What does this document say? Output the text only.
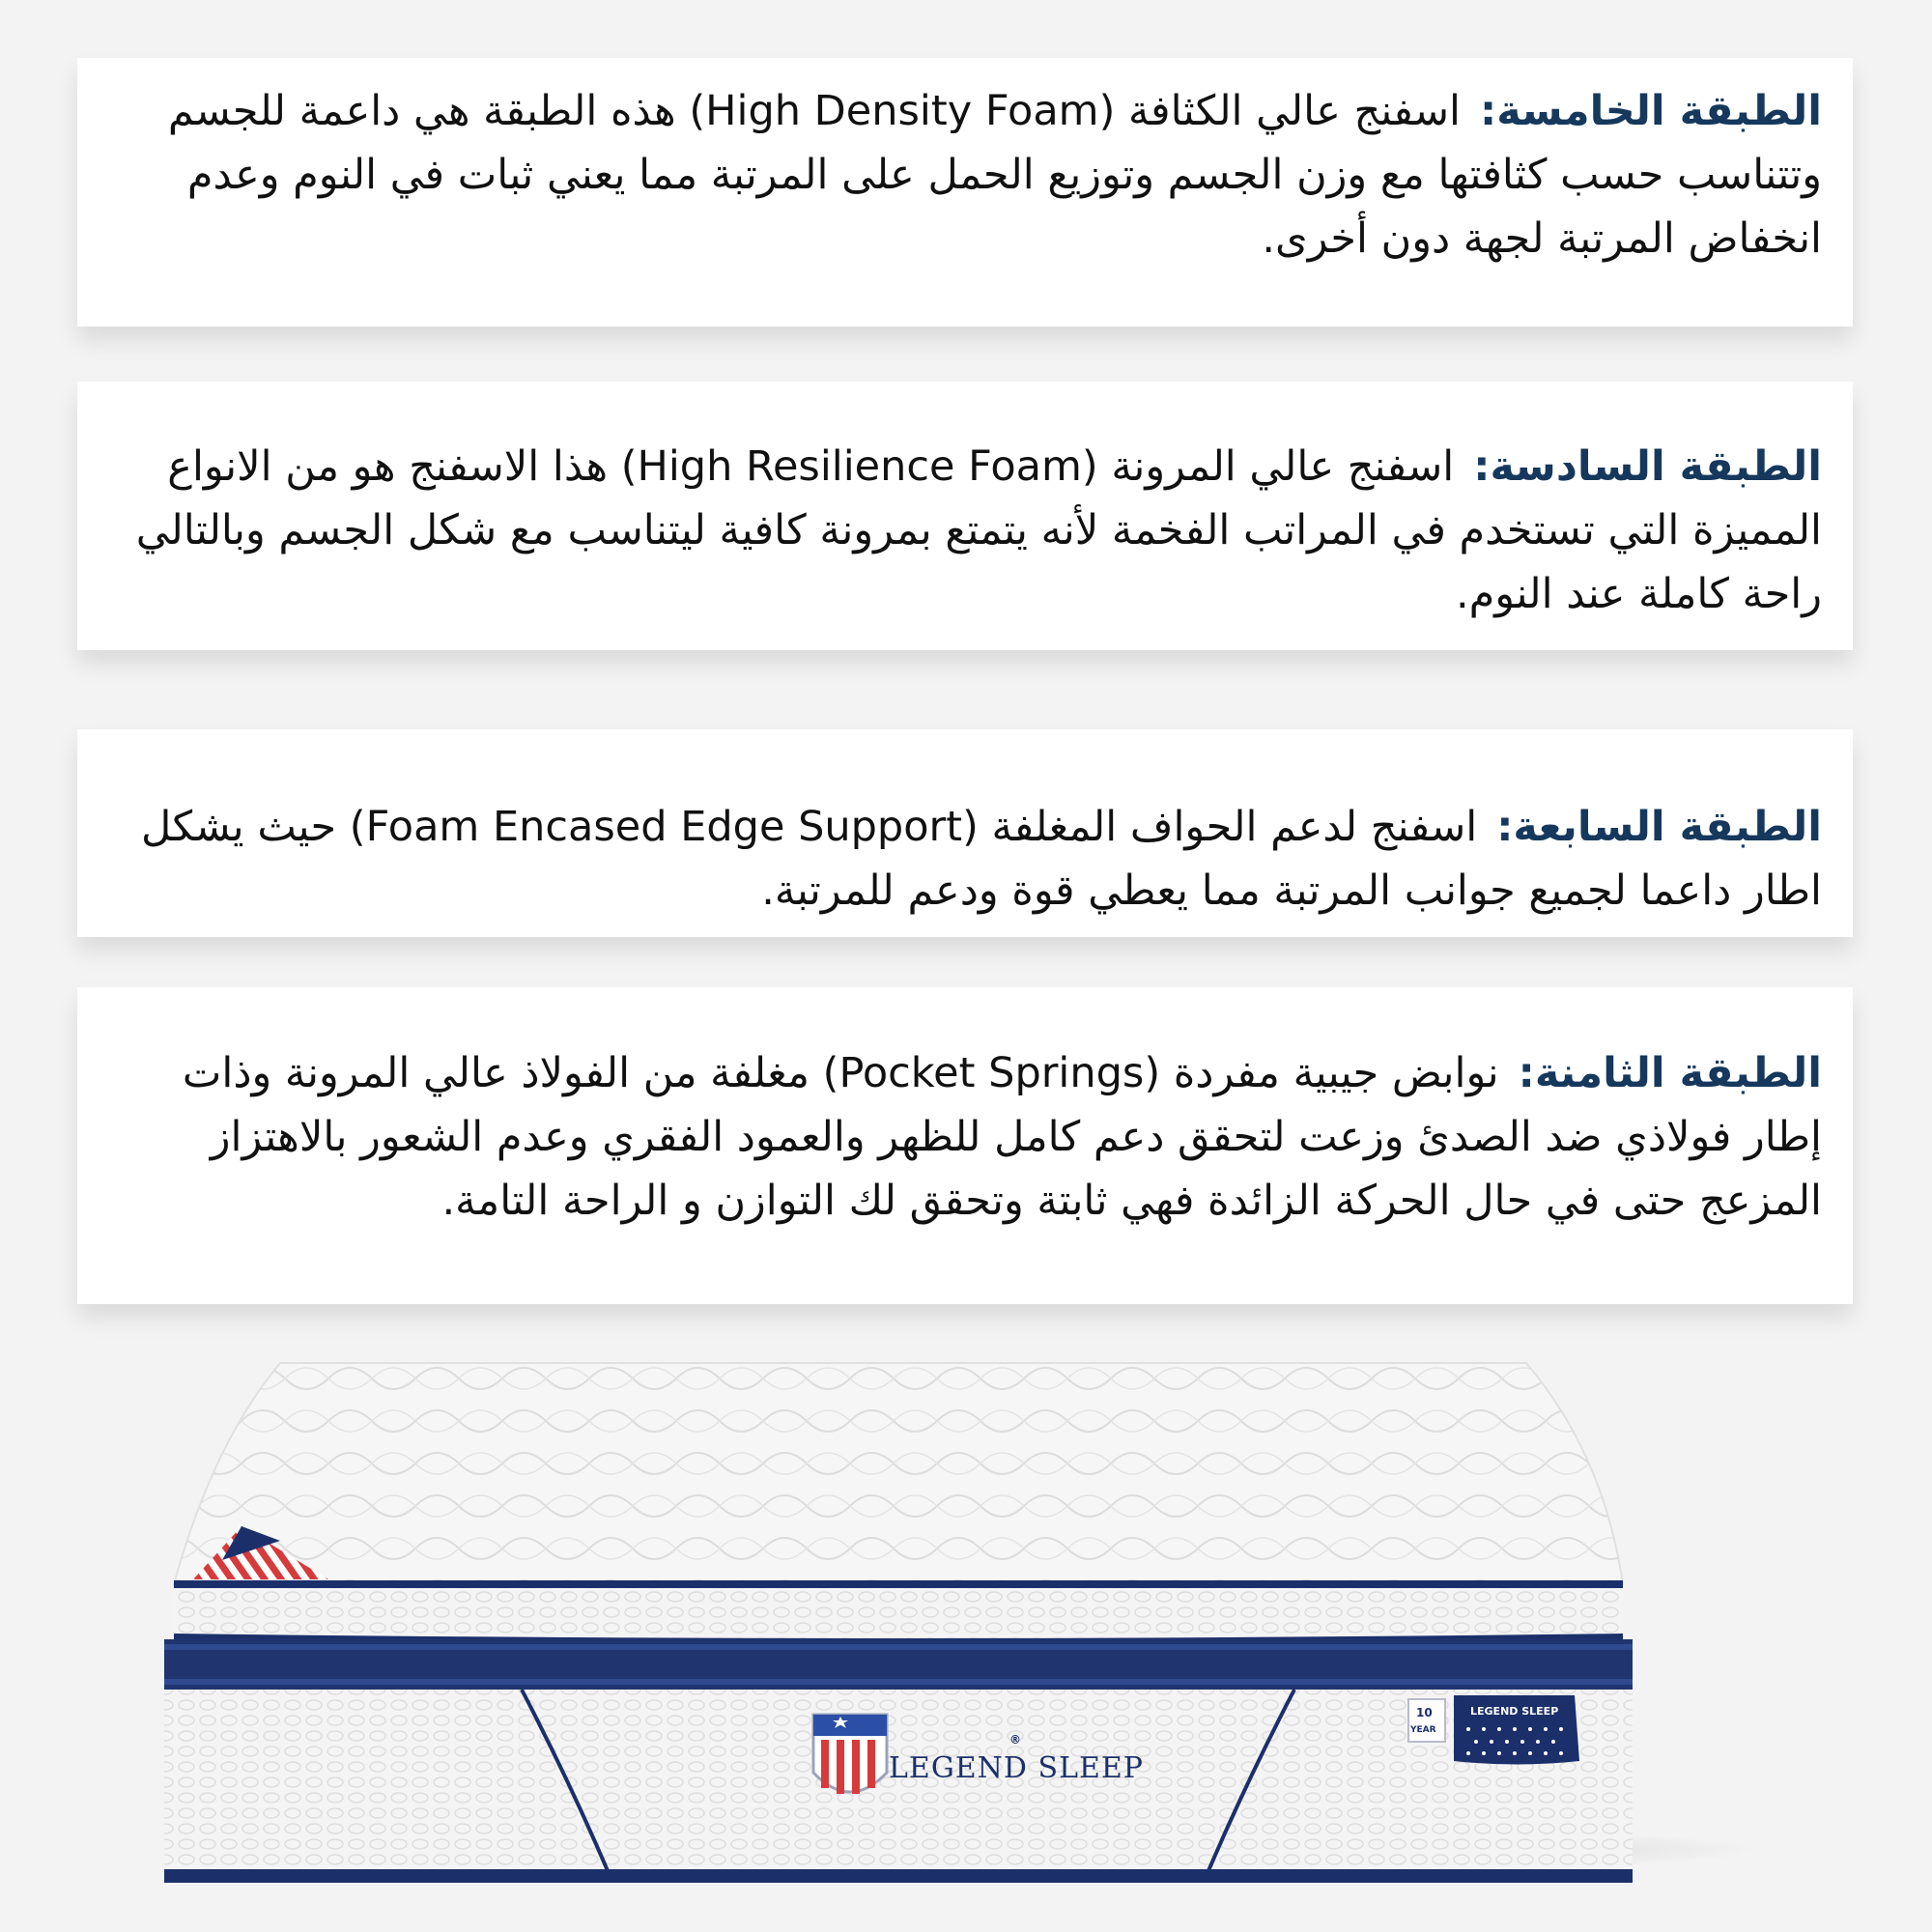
الطبقة الخامسة:اسفنج عالي الكثافة (High Density Foam) هذه الطبقة هي داعمة للجسم وتتناسب حسب كثافتها مع وزن الجسم وتوزيع الحمل على المرتبة مما يعني ثبات في النوم وعدم انخفاض المرتبة لجهة دون أخرى.

الطبقة السادسة:اسفنج عالي المرونة (High Resilience Foam) هذا الاسفنج هو من الانواع المميزة التي تستخدم في المراتب الفخمة لأنه يتمتع بمرونة كافية ليتناسب مع شكل الجسم وبالتالي راحة كاملة عند النوم.

الطبقة السابعة:اسفنج لدعم الحواف المغلفة (Foam Encased Edge Support) حيث يشكل اطار داعما لجميع جوانب المرتبة مما يعطي قوة ودعم للمرتبة.

الطبقة الثامنة:نوابض جيبية مفردة (Pocket Springs) مغلفة من الفولاذ عالي المرونة وذات إطار فولاذي ضد الصدئ وزعت لتحقق دعم كامل للظهر والعمود الفقري وعدم الشعور بالاهتزاز المزعج حتى في حال الحركة الزائدة فهي ثابتة وتحقق لك التوازن و الراحة التامة.

LEGEND SLEEP
®
10
YEAR
LEGEND SLEEP
